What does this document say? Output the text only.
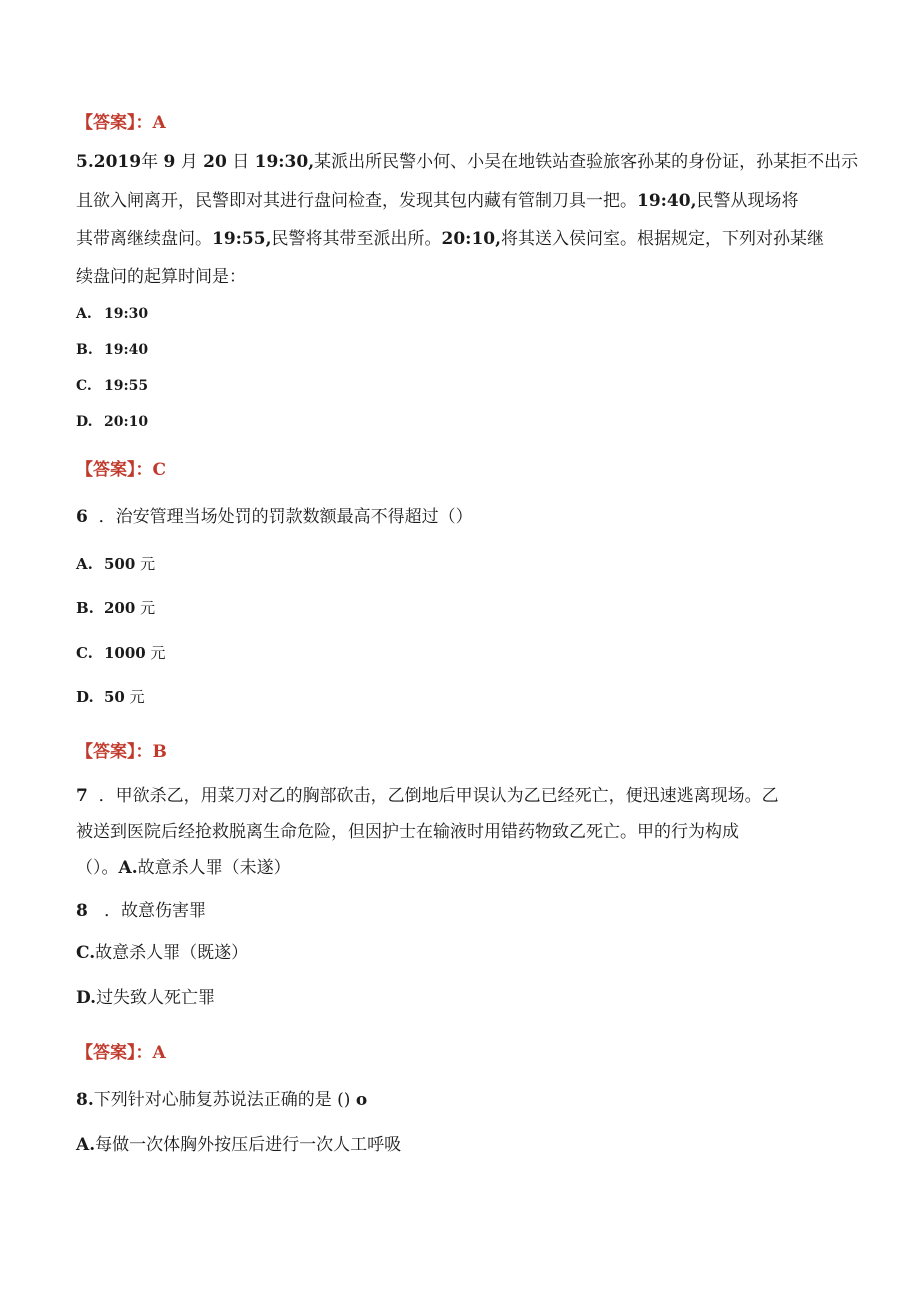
【答案】：A
5.2019年 9 月 20 日 19:30,某派出所民警小何、小吴在地铁站查验旅客孙某的身份证，孙某拒不出示
且欲入闸离开，民警即对其进行盘问检查，发现其包内藏有管制刀具一把。19:40,民警从现场将
其带离继续盘问。19:55,民警将其带至派出所。20:10,将其送入侯问室。根据规定，下列对孙某继
续盘问的起算时间是：
A. 19:30
B. 19:40
C. 19:55
D. 20:10
【答案】：C
6 ．治安管理当场处罚的罚款数额最高不得超过（）
A. 500 元
B. 200 元
C. 1000 元
D. 50 元
【答案】：B
7 ．甲欲杀乙，用菜刀对乙的胸部砍击，乙倒地后甲误认为乙已经死亡，便迅速逃离现场。乙
被送到医院后经抢救脱离生命危险，但因护士在输液时用错药物致乙死亡。甲的行为构成
（）。A.故意杀人罪（未遂）
8 ．故意伤害罪
C.故意杀人罪（既遂）
D.过失致人死亡罪
【答案】：A
8.下列针对心肺复苏说法正确的是 () o
A.每做一次体胸外按压后进行一次人工呼吸
